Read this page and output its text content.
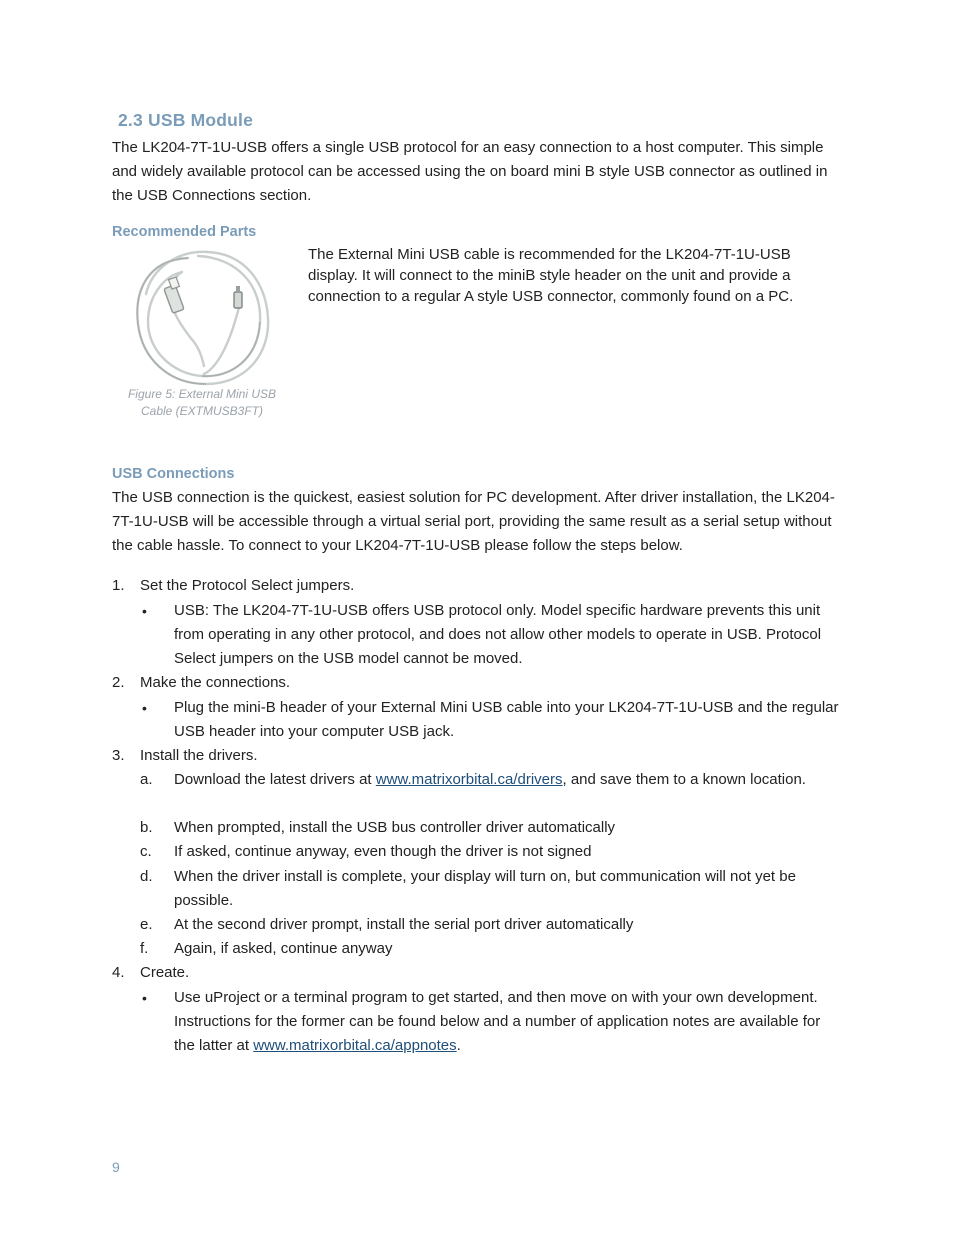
2.3 USB Module
The LK204-7T-1U-USB offers a single USB protocol for an easy connection to a host computer. This simple and widely available protocol can be accessed using the on board mini B style USB connector as outlined in the USB Connections section.
Recommended Parts
Figure 5: External Mini USB
Cable (EXTMUSB3FT)
The External Mini USB cable is recommended for the LK204-7T-1U-USB display. It will connect to the miniB style header on the unit and provide a connection to a regular A style USB connector, commonly found on a PC.
USB Connections
The USB connection is the quickest, easiest solution for PC development. After driver installation, the LK204-7T-1U-USB will be accessible through a virtual serial port, providing the same result as a serial setup without the cable hassle. To connect to your LK204-7T-1U-USB please follow the steps below.
1. Set the Protocol Select jumpers.
• USB: The LK204-7T-1U-USB offers USB protocol only. Model specific hardware prevents this unit from operating in any other protocol, and does not allow other models to operate in USB. Protocol Select jumpers on the USB model cannot be moved.
2. Make the connections.
• Plug the mini-B header of your External Mini USB cable into your LK204-7T-1U-USB and the regular USB header into your computer USB jack.
3. Install the drivers.
a. Download the latest drivers at www.matrixorbital.ca/drivers, and save them to a known location.
b. When prompted, install the USB bus controller driver automatically
c. If asked, continue anyway, even though the driver is not signed
d. When the driver install is complete, your display will turn on, but communication will not yet be possible.
e. At the second driver prompt, install the serial port driver automatically
f. Again, if asked, continue anyway
4. Create.
• Use uProject or a terminal program to get started, and then move on with your own development. Instructions for the former can be found below and a number of application notes are available for the latter at www.matrixorbital.ca/appnotes.
9
